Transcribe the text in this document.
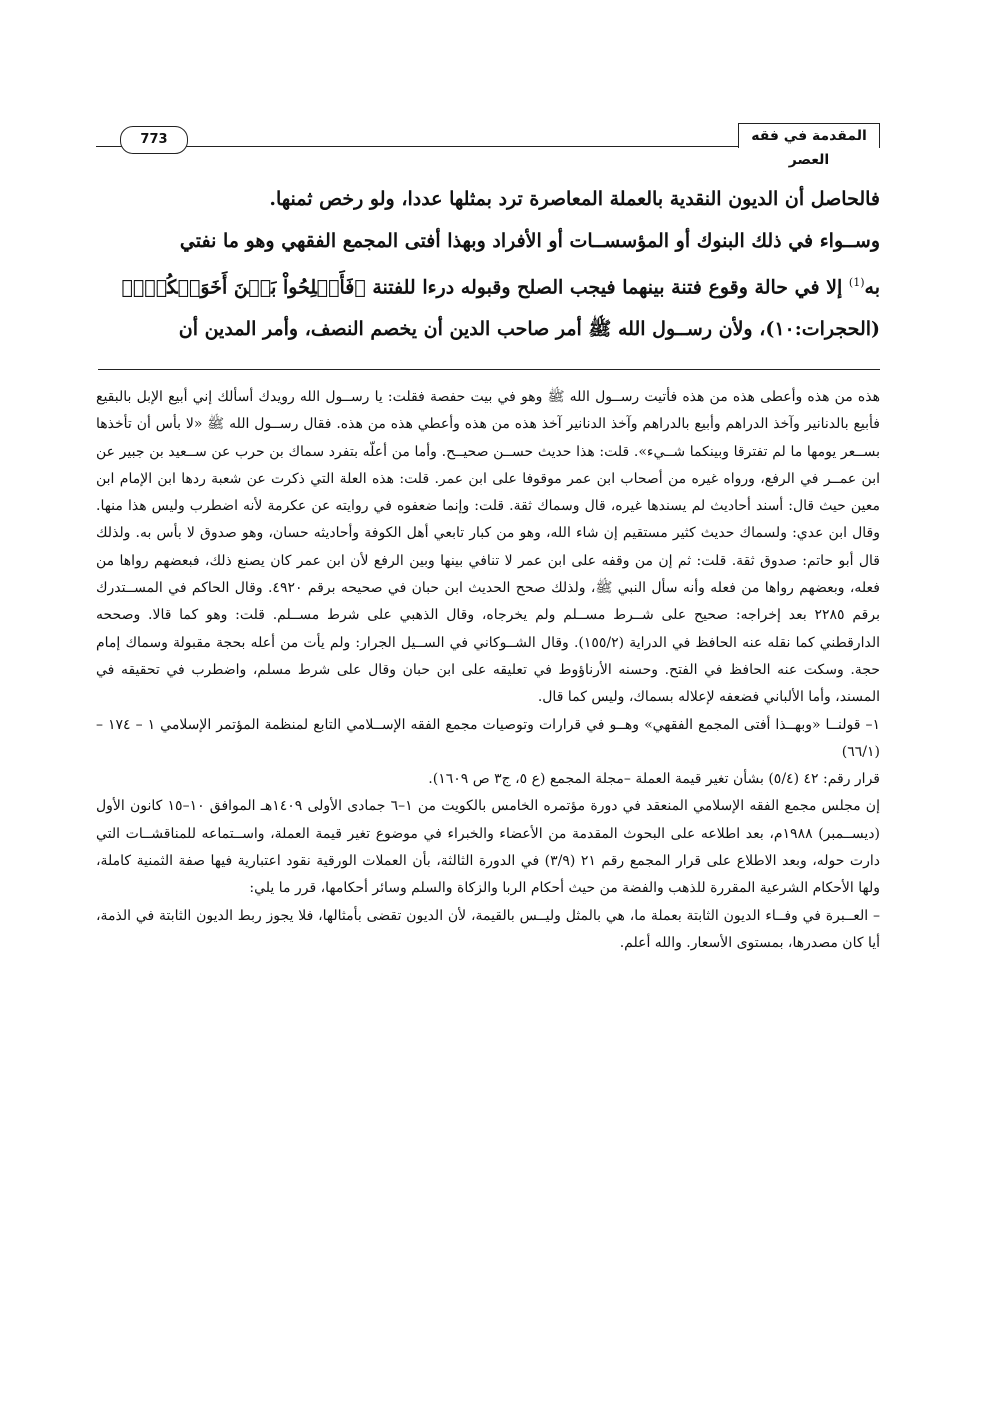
المقدمة في فقه العصر
773

فالحاصل أن الديون النقدية بالعملة المعاصرة ترد بمثلها عددا، ولو رخص ثمنها.

وســواء في ذلك البنوك أو المؤسســات أو الأفراد وبهذا أفتى المجمع الفقهي وهو ما نفتي

به$^{(1)}$ إلا في حالة وقوع فتنة بينهما فيجب الصلح وقبوله درءا للفتنة ﴿فَأَصۡلِحُواْ بَيۡنَ أَخَوَيۡكُمۡۚ﴾

(الحجرات:١٠)، ولأن رســول الله ﷺ أمر صاحب الدين أن يخصم النصف، وأمر المدين أن

هذه من هذه وأعطى هذه من هذه فأتيت رســول الله ﷺ وهو في بيت حفصة فقلت: يا رســول الله رويدك أسألك إني أبيع الإبل بالبقيع فأبيع بالدنانير وآخذ الدراهم وأبيع بالدراهم وآخذ الدنانير آخذ هذه من هذه وأعطي هذه من هذه. فقال رســول الله ﷺ «لا بأس أن تأخذها بســعر يومها ما لم تفترقا وبينكما شــيء». قلت: هذا حديث حســن صحيــح. وأما من أعلّه بتفرد سماك بن حرب عن ســعيد بن جبير عن ابن عمــر في الرفع، ورواه غيره من أصحاب ابن عمر موقوفا على ابن عمر. قلت: هذه العلة التي ذكرت عن شعبة ردها ابن الإمام ابن معين حيث قال: أسند أحاديث لم يسندها غيره، قال وسماك ثقة. قلت: وإنما ضعفوه في روايته عن عكرمة لأنه اضطرب وليس هذا منها. وقال ابن عدي: ولسماك حديث كثير مستقيم إن شاء الله، وهو من كبار تابعي أهل الكوفة وأحاديثه حسان، وهو صدوق لا بأس به. ولذلك قال أبو حاتم: صدوق ثقة. قلت: ثم إن من وقفه على ابن عمر لا تنافي بينها وبين الرفع لأن ابن عمر كان يصنع ذلك، فبعضهم رواها من فعله، وبعضهم رواها من فعله وأنه سأل النبي ﷺ، ولذلك صحح الحديث ابن حبان في صحيحه برقم ٤٩٢٠. وقال الحاكم في المســتدرك برقم ٢٢٨٥ بعد إخراجه: صحيح على شــرط مســلم ولم يخرجاه، وقال الذهبي على شرط مســلم. قلت: وهو كما قالا. وصححه الدارقطني كما نقله عنه الحافظ في الدراية (١٥٥/٢). وقال الشــوكاني في الســيل الجرار: ولم يأت من أعله بحجة مقبولة وسماك إمام حجة. وسكت عنه الحافظ في الفتح. وحسنه الأرناؤوط في تعليقه على ابن حبان وقال على شرط مسلم، واضطرب في تحقيقه في المسند، وأما الألباني فضعفه لإعلاله بسماك، وليس كما قال.

١– قولنــا «وبهــذا أفتى المجمع الفقهي» وهــو في قرارات وتوصيات مجمع الفقه الإســلامي التابع لمنظمة المؤتمر الإسلامي ١ – ١٧٤ – (٦٦/١)

قرار رقم: ٤٢ (٥/٤) بشأن تغير قيمة العملة –مجلة المجمع (ع ٥، ج٣ ص ١٦٠٩).

إن مجلس مجمع الفقه الإسلامي المنعقد في دورة مؤتمره الخامس بالكويت من ١–٦ جمادى الأولى ١٤٠٩هـ الموافق ١٠–١٥ كانون الأول (ديســمبر) ١٩٨٨م، بعد اطلاعه على البحوث المقدمة من الأعضاء والخبراء في موضوع تغير قيمة العملة، واســتماعه للمناقشــات التي دارت حوله، وبعد الاطلاع على قرار المجمع رقم ٢١ (٣/٩) في الدورة الثالثة، بأن العملات الورقية نقود اعتبارية فيها صفة الثمنية كاملة، ولها الأحكام الشرعية المقررة للذهب والفضة من حيث أحكام الربا والزكاة والسلم وسائر أحكامها، قرر ما يلي:

– العــبرة في وفــاء الديون الثابتة بعملة ما، هي بالمثل وليــس بالقيمة، لأن الديون تقضى بأمثالها، فلا يجوز ربط الديون الثابتة في الذمة، أيا كان مصدرها، بمستوى الأسعار. والله أعلم.
